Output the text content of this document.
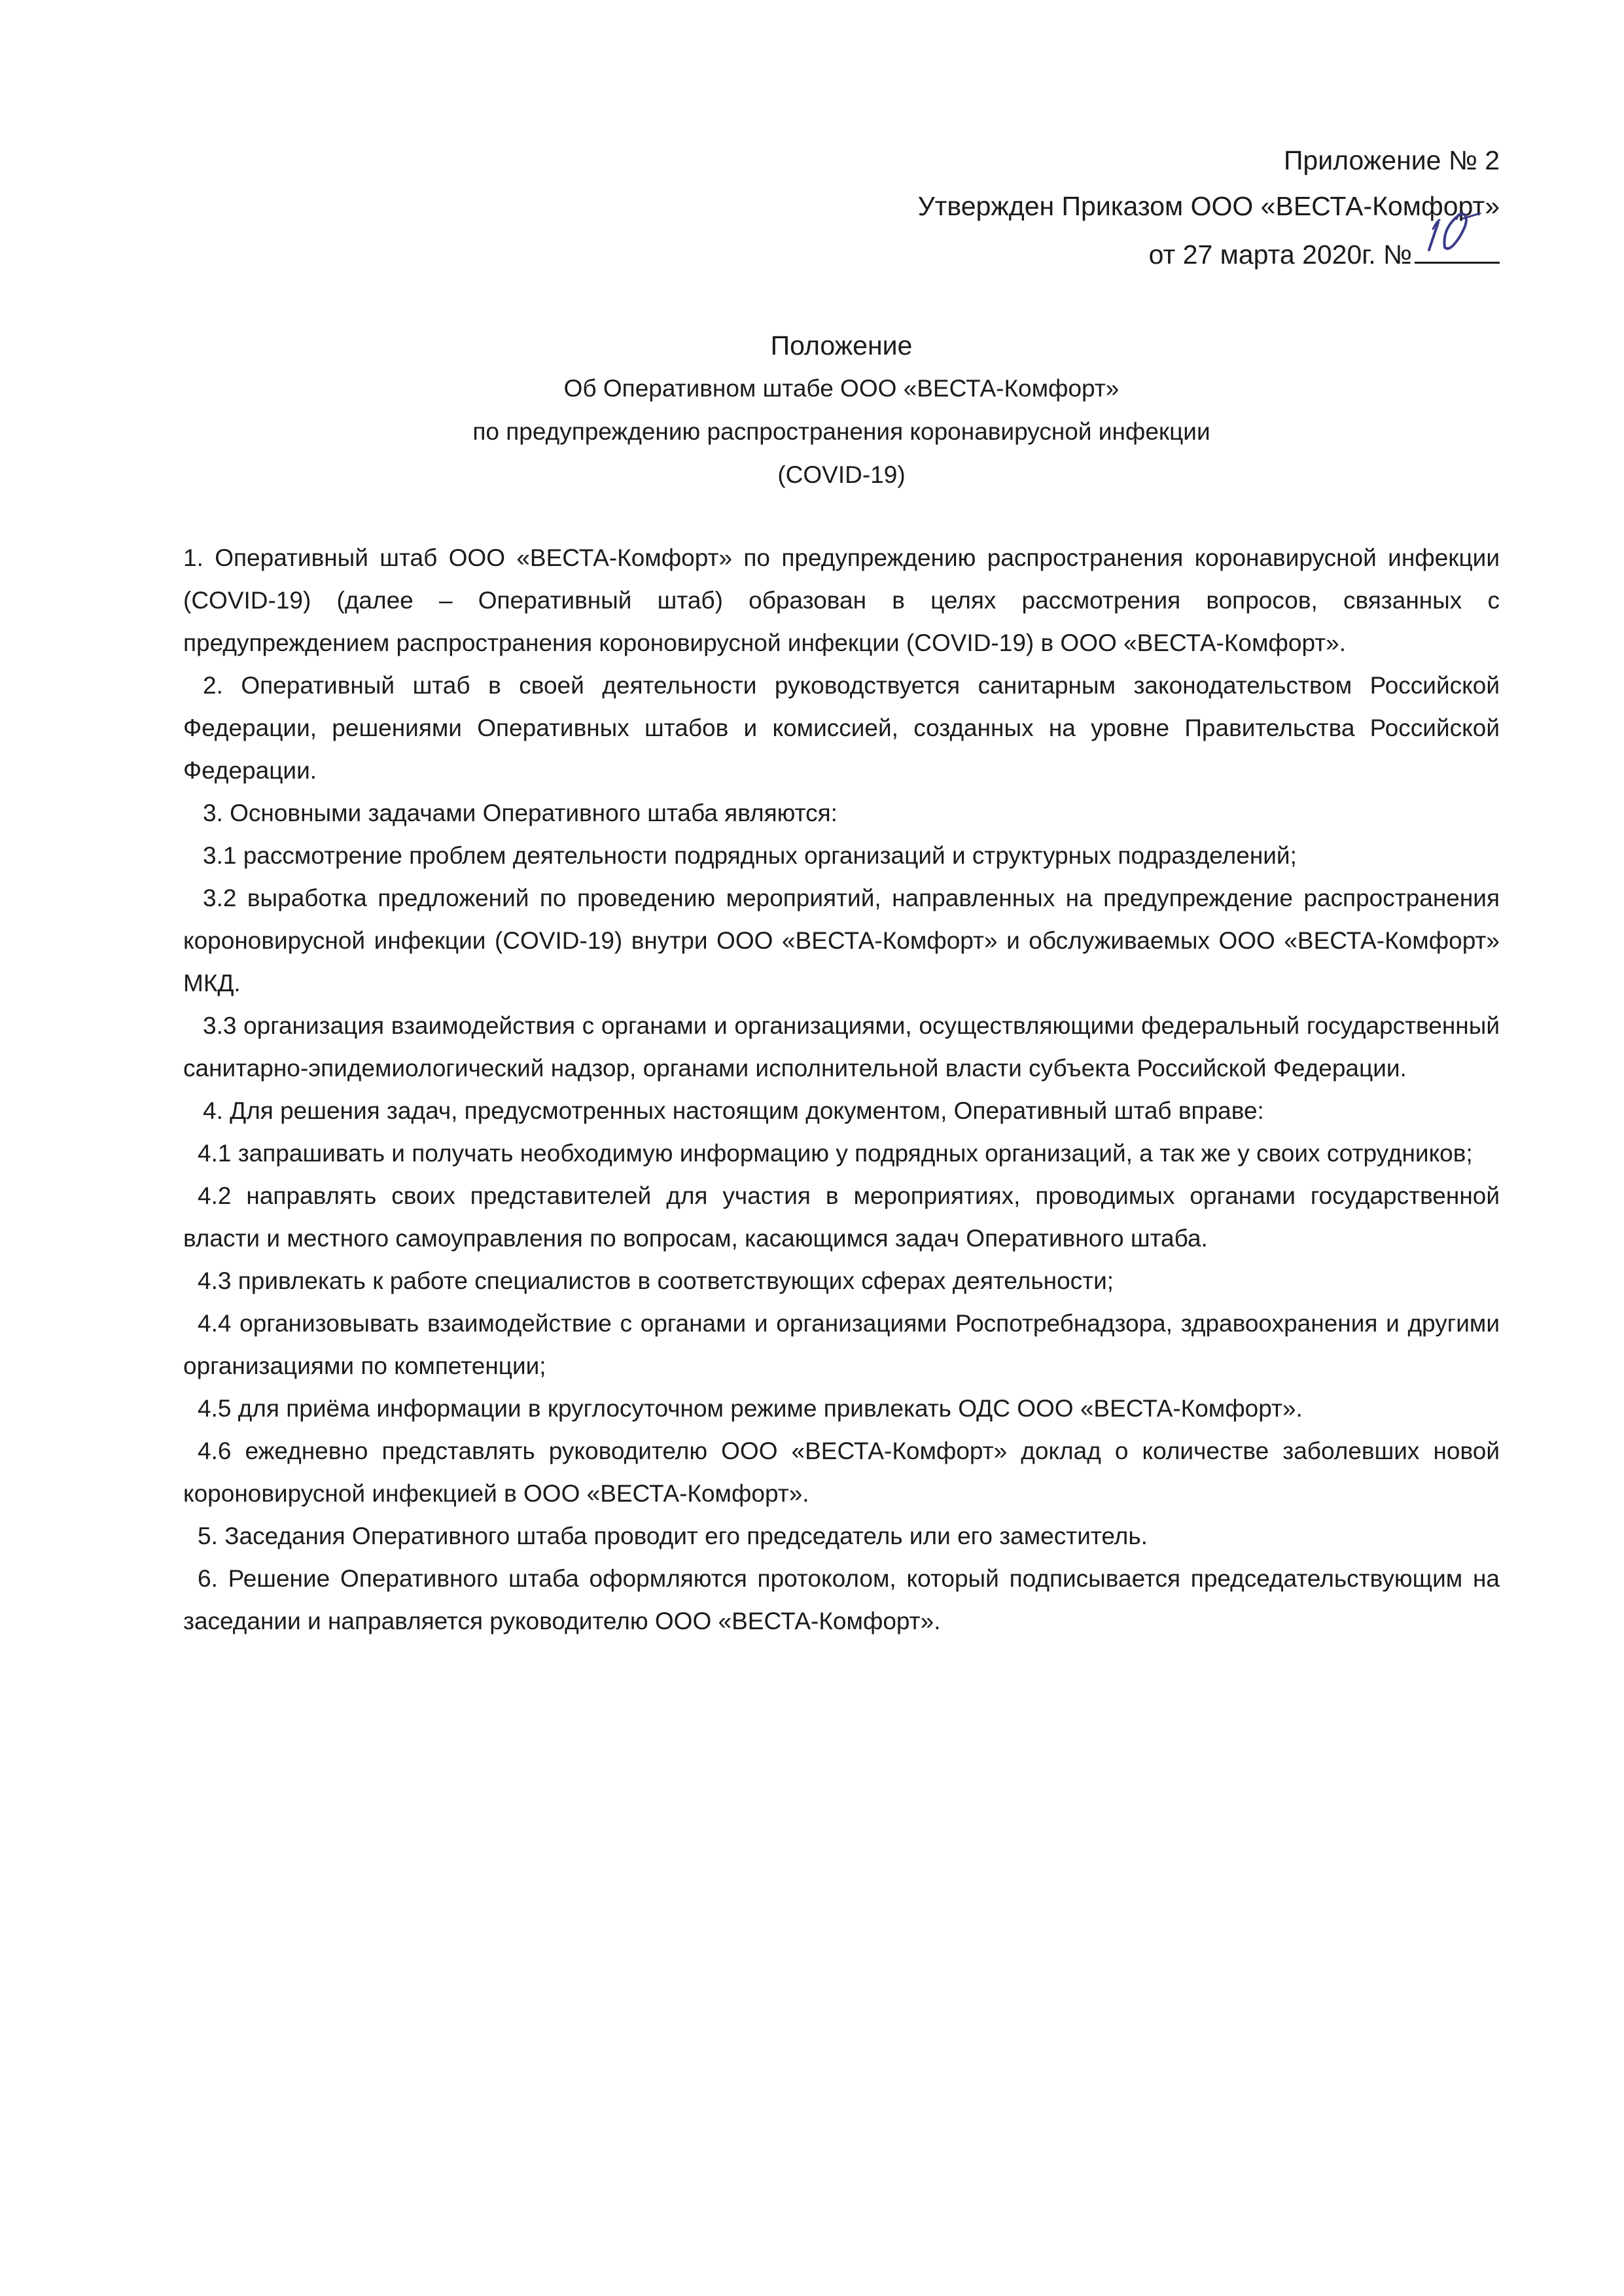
Приложение № 2
Утвержден Приказом ООО «ВЕСТА-Комфорт»
от 27 марта 2020г. №
Положение
Об Оперативном штабе ООО «ВЕСТА-Комфорт»
по предупреждению распространения коронавирусной инфекции
(COVID-19)

1. Оперативный штаб ООО «ВЕСТА-Комфорт» по предупреждению распространения коронавирусной инфекции (COVID-19) (далее – Оперативный штаб) образован в целях рассмотрения вопросов, связанных с предупреждением распространения короновирусной инфекции (COVID-19) в ООО «ВЕСТА-Комфорт».

2. Оперативный штаб в своей деятельности руководствуется санитарным законодательством Российской Федерации, решениями Оперативных штабов и комиссией, созданных на уровне Правительства Российской Федерации.

3. Основными задачами Оперативного штаба являются:

3.1 рассмотрение проблем деятельности подрядных организаций и структурных подразделений;

3.2 выработка предложений по проведению мероприятий, направленных на предупреждение распространения короновирусной инфекции (COVID-19) внутри ООО «ВЕСТА-Комфорт» и обслуживаемых ООО «ВЕСТА-Комфорт» МКД.

3.3 организация взаимодействия с органами и организациями, осуществляющими федеральный государственный санитарно-эпидемиологический надзор, органами исполнительной власти субъекта Российской Федерации.

4. Для решения задач, предусмотренных настоящим документом, Оперативный штаб вправе:

4.1 запрашивать и получать необходимую информацию у подрядных организаций, а так же у своих сотрудников;

4.2 направлять своих представителей для участия в мероприятиях, проводимых органами государственной власти и местного самоуправления по вопросам, касающимся задач Оперативного штаба.

4.3 привлекать к работе специалистов в соответствующих сферах деятельности;

4.4 организовывать взаимодействие с органами и организациями Роспотребнадзора, здравоохранения и другими организациями по компетенции;

4.5 для приёма информации в круглосуточном режиме привлекать ОДС ООО «ВЕСТА-Комфорт».

4.6 ежедневно представлять руководителю ООО «ВЕСТА-Комфорт» доклад о количестве заболевших новой короновирусной инфекцией в ООО «ВЕСТА-Комфорт».

5. Заседания Оперативного штаба проводит его председатель или его заместитель.

6. Решение Оперативного штаба оформляются протоколом, который подписывается председательствующим на заседании и направляется руководителю ООО «ВЕСТА-Комфорт».
